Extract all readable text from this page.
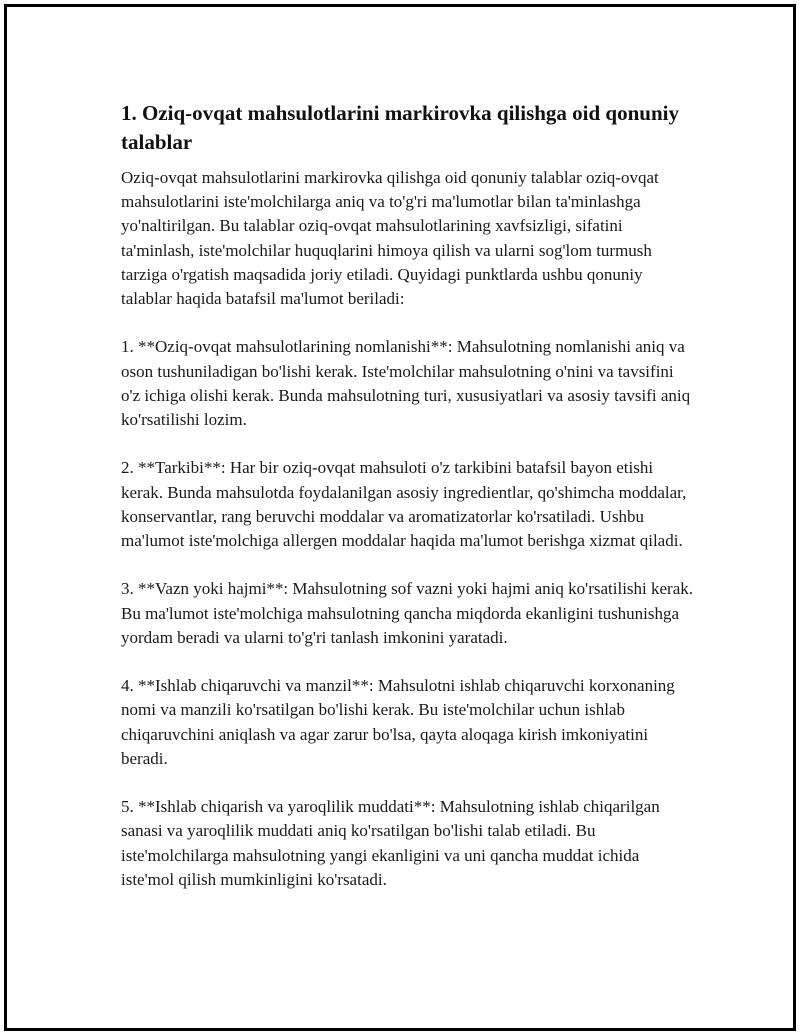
1. Oziq-ovqat mahsulotlarini markirovka qilishga oid qonuniy talablar

Oziq-ovqat mahsulotlarini markirovka qilishga oid qonuniy talablar oziq-ovqat mahsulotlarini iste'molchilarga aniq va to'g'ri ma'lumotlar bilan ta'minlashga yo'naltirilgan. Bu talablar oziq-ovqat mahsulotlarining xavfsizligi, sifatini ta'minlash, iste'molchilar huquqlarini himoya qilish va ularni sog'lom turmush tarziga o'rgatish maqsadida joriy etiladi. Quyidagi punktlarda ushbu qonuniy talablar haqida batafsil ma'lumot beriladi:

1. **Oziq-ovqat mahsulotlarining nomlanishi**: Mahsulotning nomlanishi aniq va oson tushuniladigan bo'lishi kerak. Iste'molchilar mahsulotning o'nini va tavsifini o'z ichiga olishi kerak. Bunda mahsulotning turi, xususiyatlari va asosiy tavsifi aniq ko'rsatilishi lozim.

2. **Tarkibi**: Har bir oziq-ovqat mahsuloti o'z tarkibini batafsil bayon etishi kerak. Bunda mahsulotda foydalanilgan asosiy ingredientlar, qo'shimcha moddalar, konservantlar, rang beruvchi moddalar va aromatizatorlar ko'rsatiladi. Ushbu ma'lumot iste'molchiga allergen moddalar haqida ma'lumot berishga xizmat qiladi.

3. **Vazn yoki hajmi**: Mahsulotning sof vazni yoki hajmi aniq ko'rsatilishi kerak. Bu ma'lumot iste'molchiga mahsulotning qancha miqdorda ekanligini tushunishga yordam beradi va ularni to'g'ri tanlash imkonini yaratadi.

4. **Ishlab chiqaruvchi va manzil**: Mahsulotni ishlab chiqaruvchi korxonaning nomi va manzili ko'rsatilgan bo'lishi kerak. Bu iste'molchilar uchun ishlab chiqaruvchini aniqlash va agar zarur bo'lsa, qayta aloqaga kirish imkoniyatini beradi.

5. **Ishlab chiqarish va yaroqlilik muddati**: Mahsulotning ishlab chiqarilgan sanasi va yaroqlilik muddati aniq ko'rsatilgan bo'lishi talab etiladi. Bu iste'molchilarga mahsulotning yangi ekanligini va uni qancha muddat ichida iste'mol qilish mumkinligini ko'rsatadi.
